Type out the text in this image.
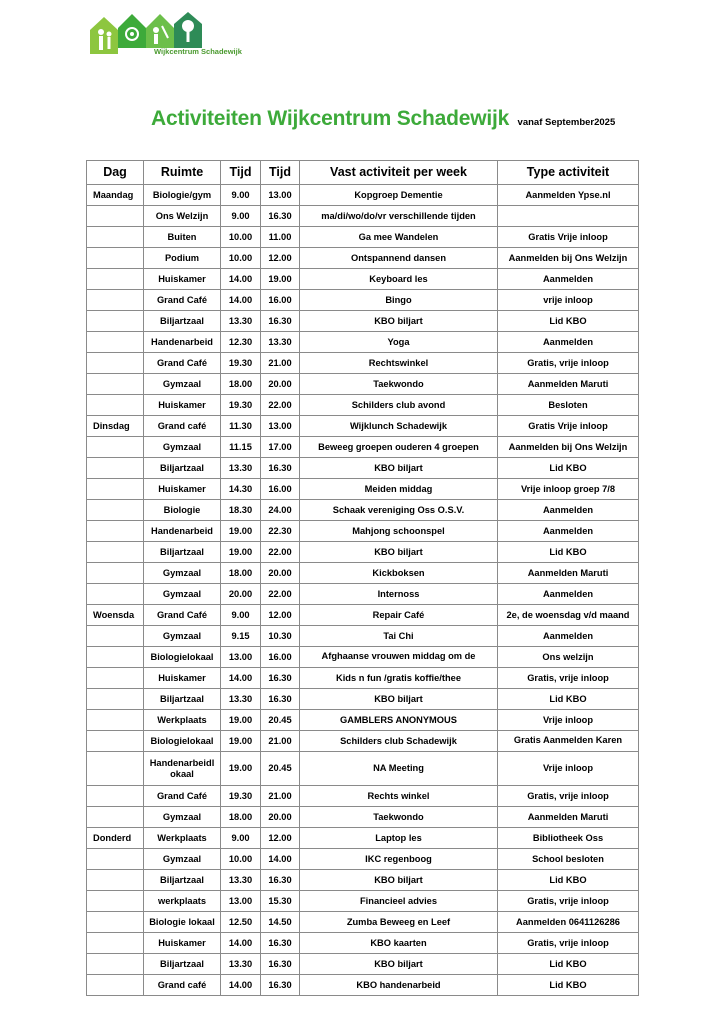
Wijkcentrum Schadewijk
Activiteiten Wijkcentrum Schadewijk vanaf September2025
Dag	Ruimte	Tijd	Tijd	Vast activiteit per week	Type activiteit
Maandag	Biologie/gym	9.00	13.00	Kopgroep Dementie	Aanmelden Ypse.nl
	Ons Welzijn	9.00	16.30	ma/di/wo/do/vr verschillende tijden	
	Buiten	10.00	11.00	Ga mee Wandelen	Gratis Vrije inloop
	Podium	10.00	12.00	Ontspannend dansen	Aanmelden bij Ons Welzijn
	Huiskamer	14.00	19.00	Keyboard les	Aanmelden
	Grand Café	14.00	16.00	Bingo	vrije inloop
	Biljartzaal	13.30	16.30	KBO biljart	Lid KBO
	Handenarbeid	12.30	13.30	Yoga	Aanmelden
	Grand Café	19.30	21.00	Rechtswinkel	Gratis, vrije inloop
	Gymzaal	18.00	20.00	Taekwondo	Aanmelden Maruti
	Huiskamer	19.30	22.00	Schilders club avond	Besloten
Dinsdag	Grand café	11.30	13.00	Wijklunch Schadewijk	Gratis Vrije inloop
	Gymzaal	11.15	17.00	Beweeg groepen ouderen 4 groepen	Aanmelden bij Ons Welzijn
	Biljartzaal	13.30	16.30	KBO biljart	Lid KBO
	Huiskamer	14.30	16.00	Meiden middag	Vrije inloop groep 7/8
	Biologie	18.30	24.00	Schaak vereniging Oss O.S.V.	Aanmelden
	Handenarbeid	19.00	22.30	Mahjong schoonspel	Aanmelden
	Biljartzaal	19.00	22.00	KBO biljart	Lid KBO
	Gymzaal	18.00	20.00	Kickboksen	Aanmelden Maruti
	Gymzaal	20.00	22.00	Internoss	Aanmelden
Woensda	Grand Café	9.00	12.00	Repair Café	2e, de woensdag v/d maand
	Gymzaal	9.15	10.30	Tai Chi	Aanmelden
	Biologielokaal	13.00	16.00	Afghaanse vrouwen middag om de	Ons welzijn
	Huiskamer	14.00	16.30	Kids n fun /gratis koffie/thee	Gratis, vrije inloop
	Biljartzaal	13.30	16.30	KBO biljart	Lid KBO
	Werkplaats	19.00	20.45	GAMBLERS ANONYMOUS	Vrije inloop
	Biologielokaal	19.00	21.00	Schilders club Schadewijk	Gratis Aanmelden Karen

	Handenarbeidl okaal	19.00	20.45	NA Meeting	Vrije inloop
	Grand Café	19.30	21.00	Rechts winkel	Gratis, vrije inloop
	Gymzaal	18.00	20.00	Taekwondo	Aanmelden Maruti
Donderd	Werkplaats	9.00	12.00	Laptop les	Bibliotheek Oss
	Gymzaal	10.00	14.00	IKC regenboog	School besloten
	Biljartzaal	13.30	16.30	KBO biljart	Lid KBO
	werkplaats	13.00	15.30	Financieel advies	Gratis, vrije inloop
	Biologie lokaal	12.50	14.50	Zumba Beweeg en Leef	Aanmelden 0641126286
	Huiskamer	14.00	16.30	KBO kaarten	Gratis, vrije inloop
	Biljartzaal	13.30	16.30	KBO biljart	Lid KBO
	Grand café	14.00	16.30	KBO handenarbeid	Lid KBO
